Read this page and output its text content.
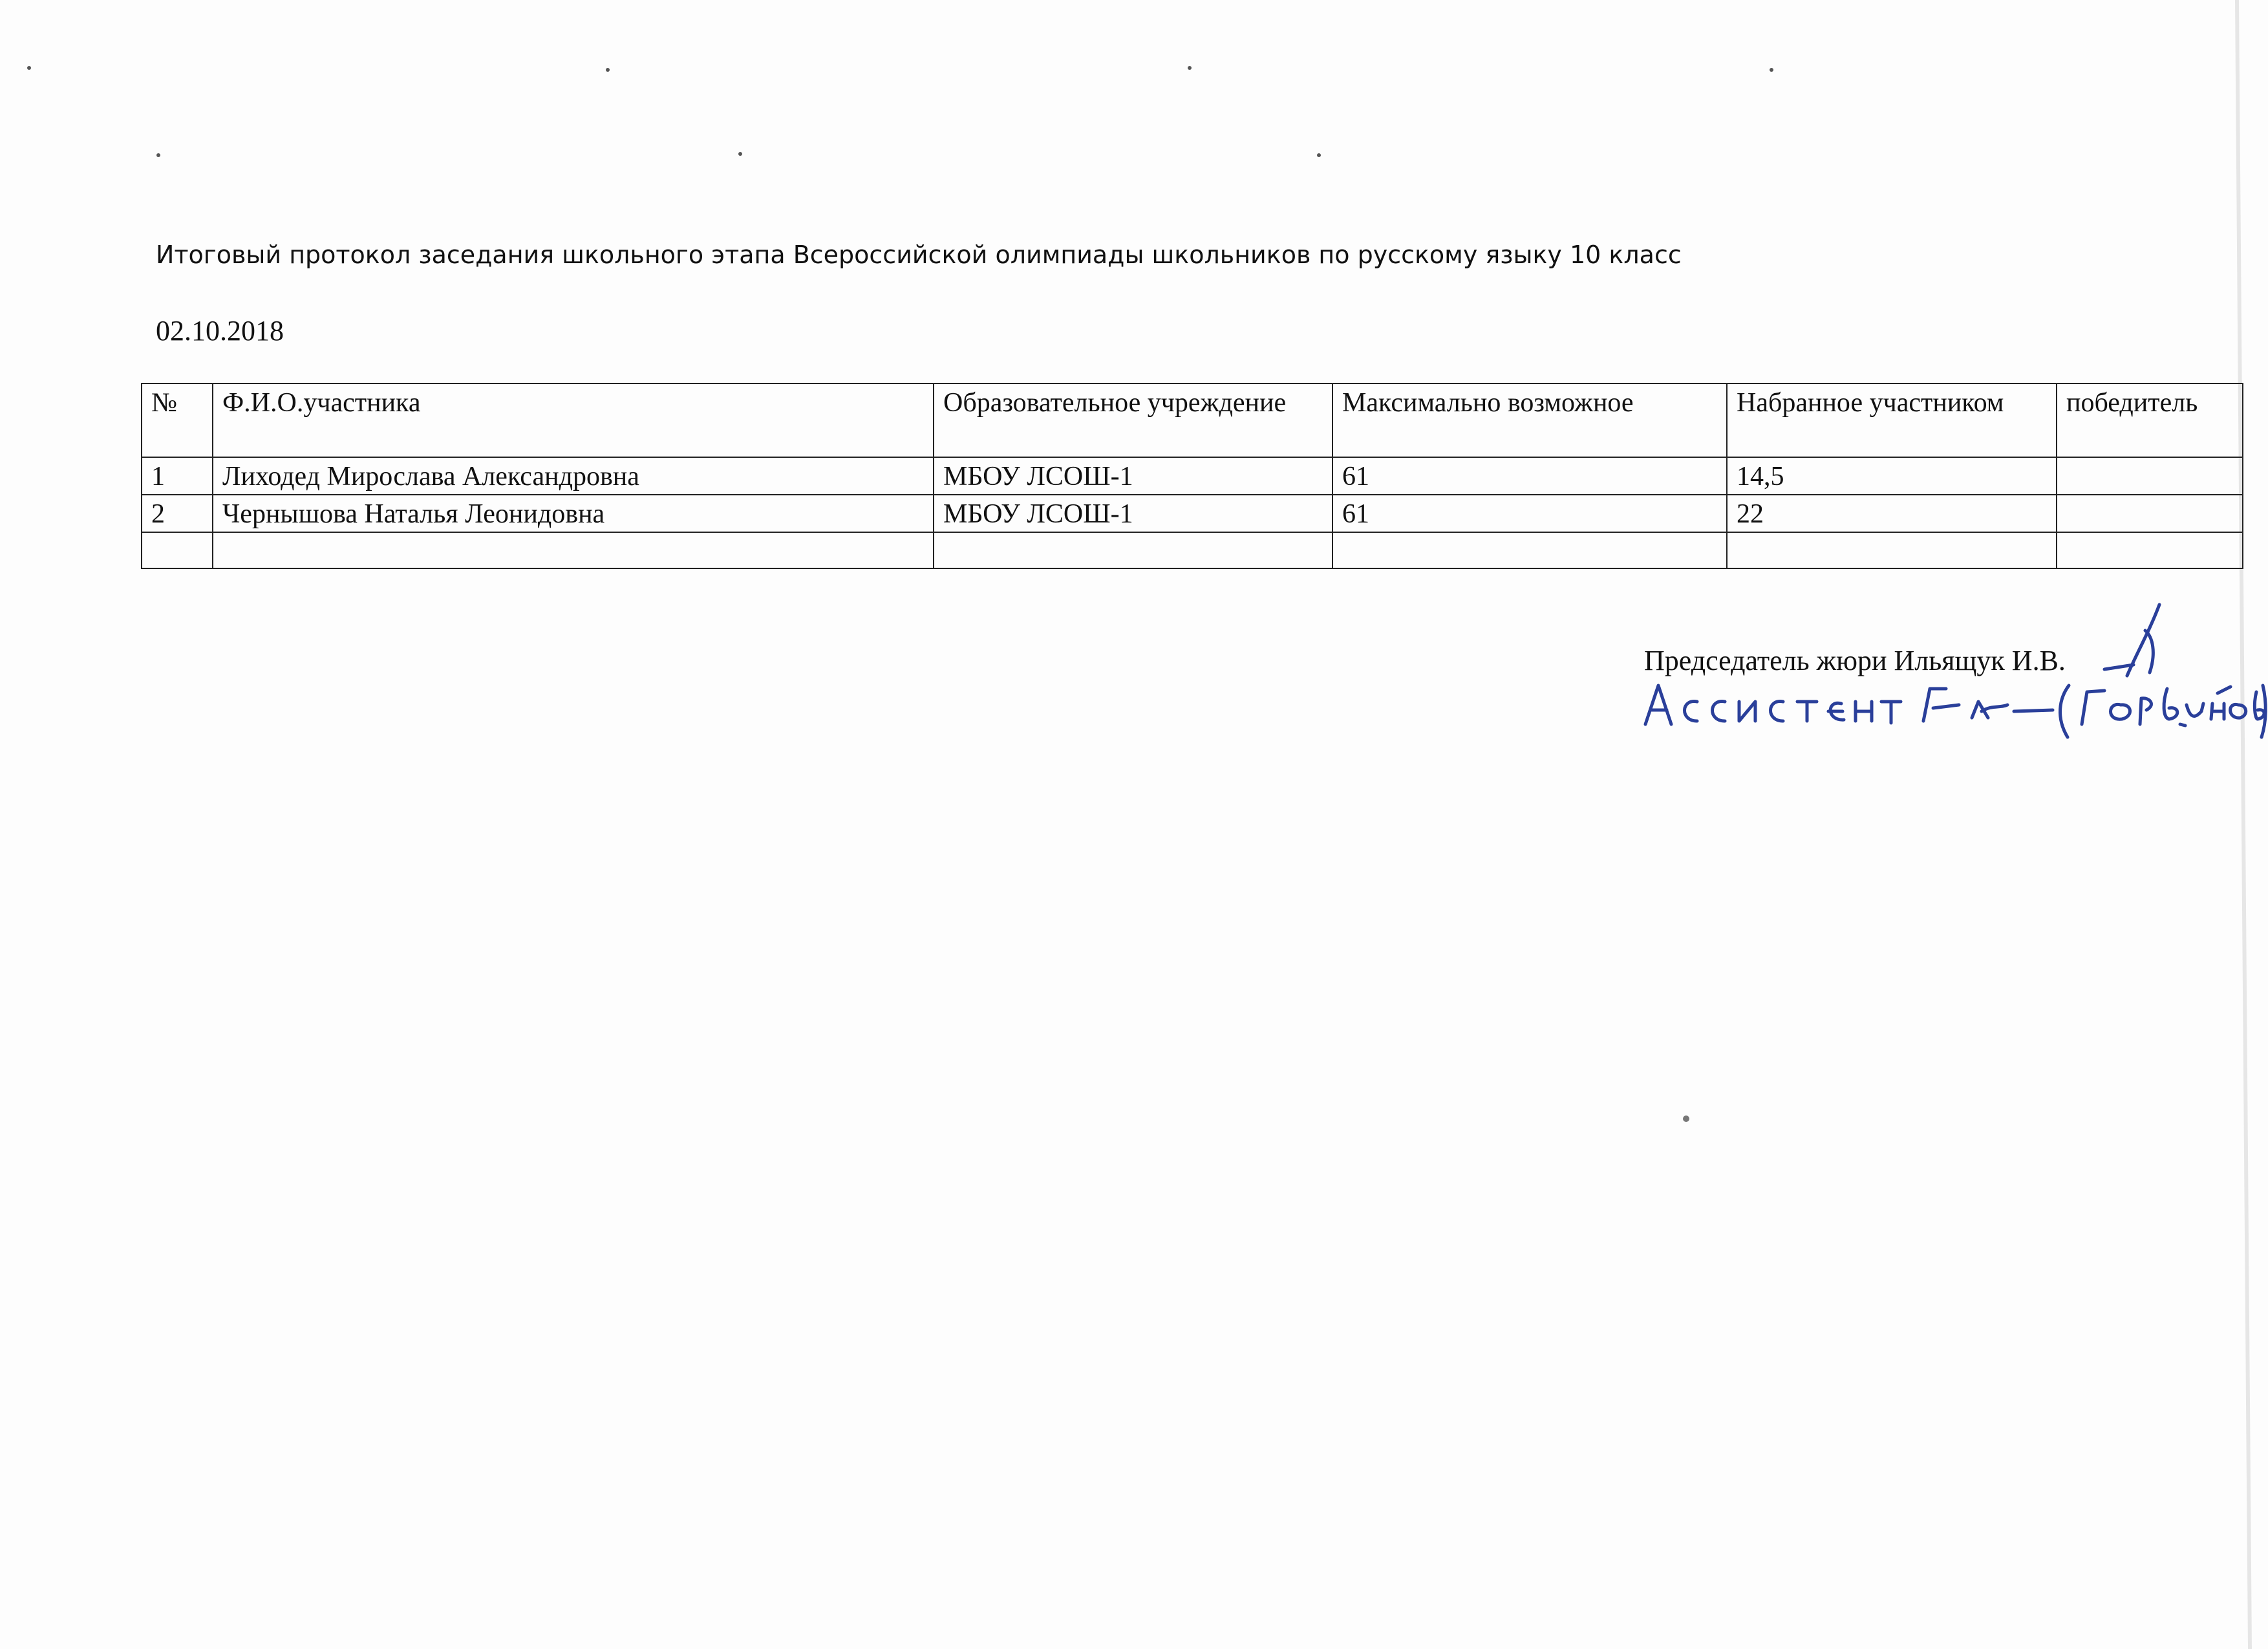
Итоговый протокол заседания школьного этапа Всероссийской олимпиады школьников по русскому языку 10 класс
02.10.2018
№	Ф.И.О.участника	Образовательное учреждение	Максимально возможное	Набранное участником	победитель
1	Лиходед Мирослава Александровна	МБОУ ЛСОШ-1	61	14,5	
2	Чернышова Наталья Леонидовна	МБОУ ЛСОШ-1	61	22	

Председатель жюри Ильящук И.В.
